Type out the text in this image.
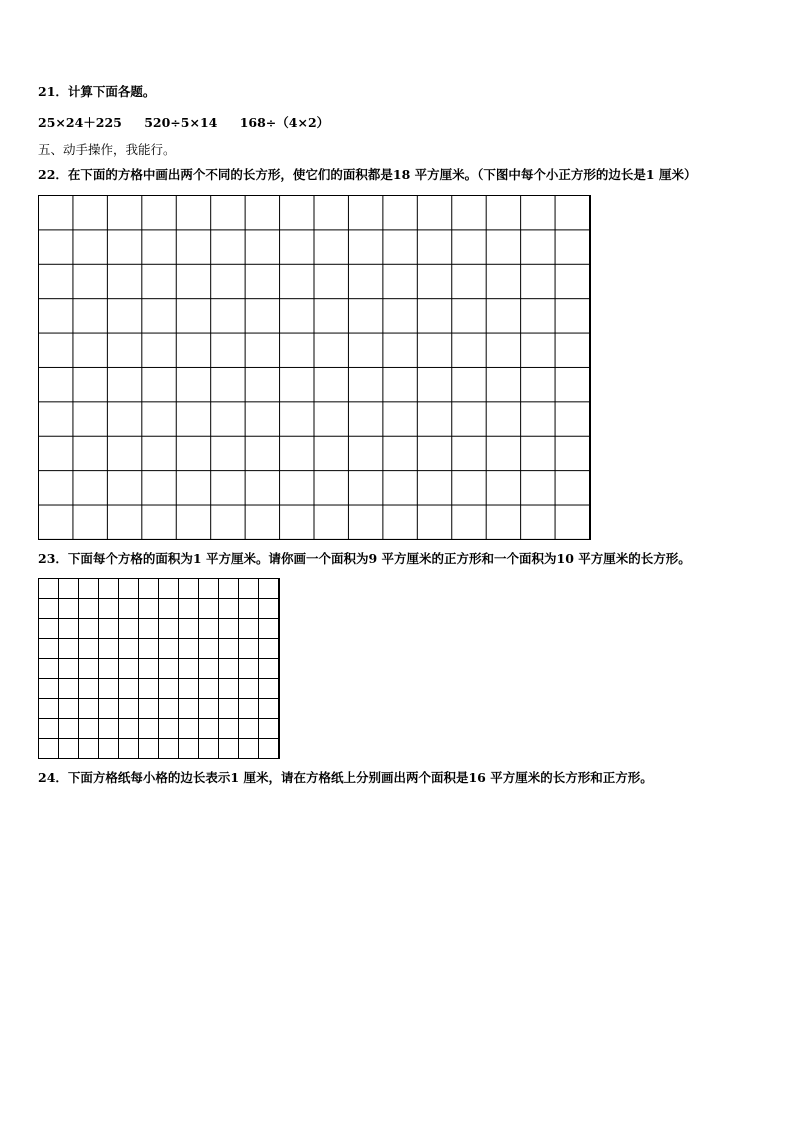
21．计算下面各题。
25×24＋225 520÷5×14 168÷（4×2）
五、动手操作，我能行。
22．在下面的方格中画出两个不同的长方形，使它们的面积都是18 平方厘米。（下图中每个小正方形的边长是1 厘米）
23．下面每个方格的面积为1 平方厘米。请你画一个面积为9 平方厘米的正方形和一个面积为10 平方厘米的长方形。
24．下面方格纸每小格的边长表示1 厘米，请在方格纸上分别画出两个面积是16 平方厘米的长方形和正方形。
